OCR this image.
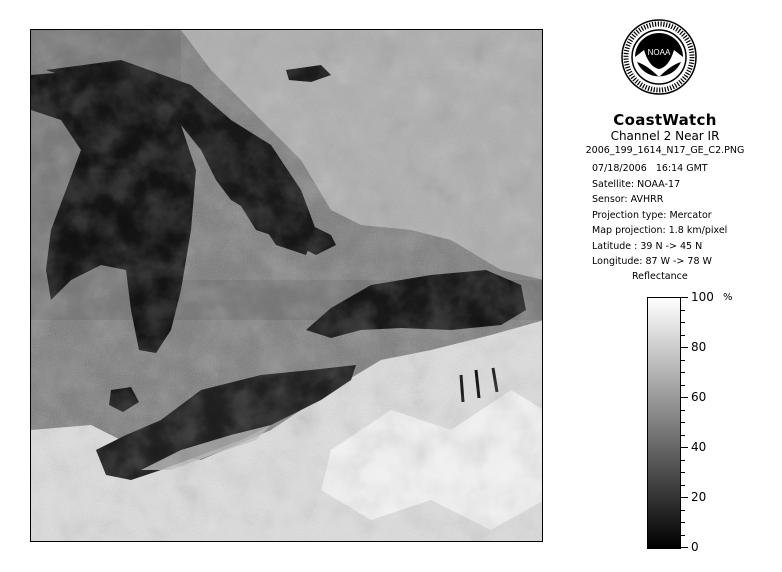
NOAA
CoastWatch
Channel 2 Near IR
2006_199_1614_N17_GE_C2.PNG
07/18/2006 16:14 GMT
Satellite: NOAA-17
Sensor: AVHRR
Projection type: Mercator
Map projection: 1.8 km/pixel
Latitude : 39 N -> 45 N
Longitude: 87 W -> 78 W
Reflectance
%
100
80
60
40
20
0
